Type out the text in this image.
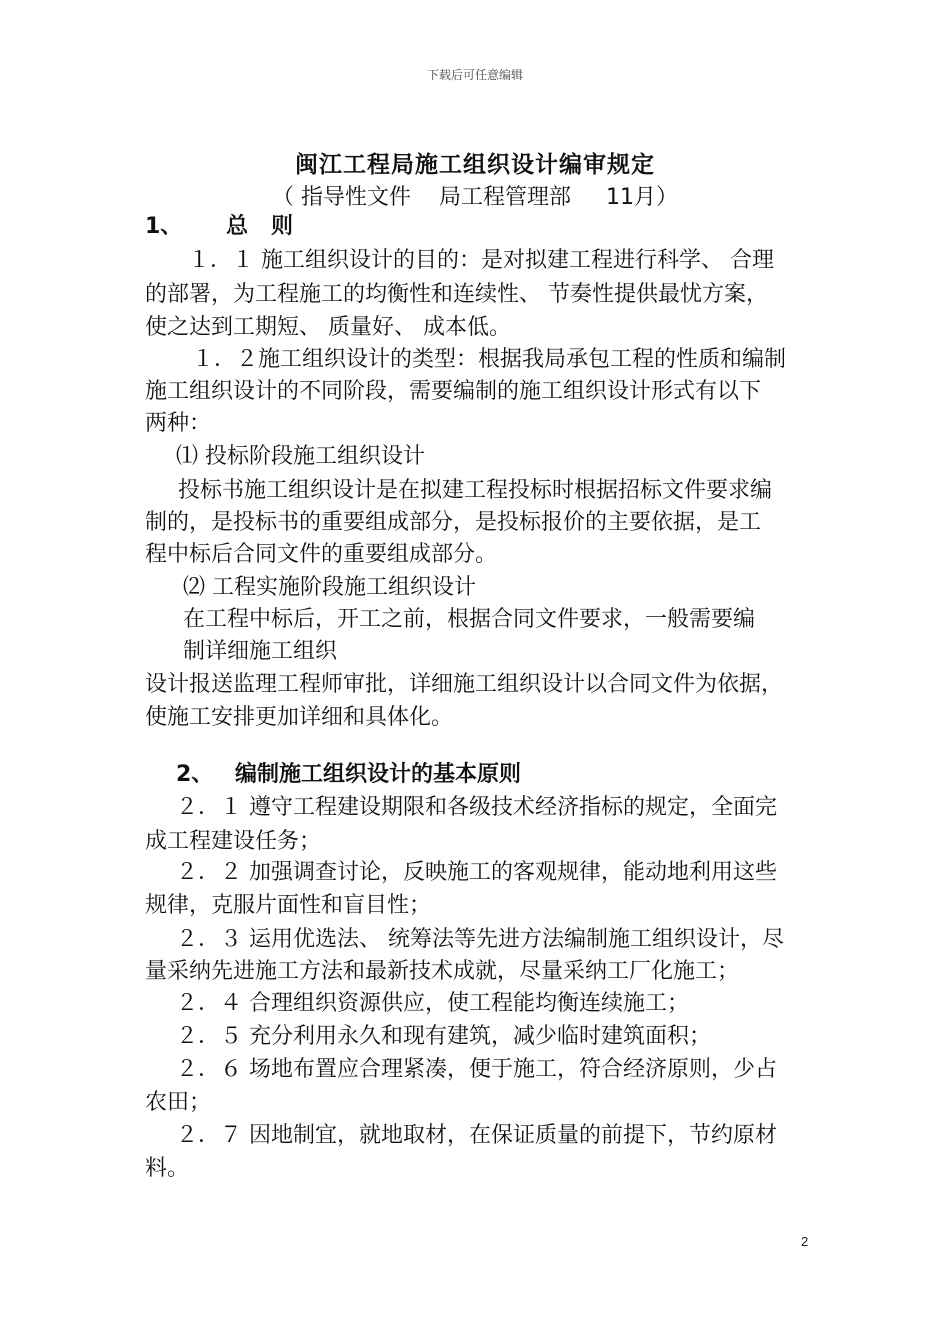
下载后可任意编辑
闽江工程局施工组织设计编审规定
（ 指导性文件    局工程管理部     11月）
1、 总   则
１．１ 施工组织设计的目的：是对拟建工程进行科学、 合理
的部署，为工程施工的均衡性和连续性、 节奏性提供最忧方案，
使之达到工期短、 质量好、 成本低。
１．２施工组织设计的类型：根据我局承包工程的性质和编制
施工组织设计的不同阶段，需要编制的施工组织设计形式有以下
两种：
⑴ 投标阶段施工组织设计
投标书施工组织设计是在拟建工程投标时根据招标文件要求编
制的，是投标书的重要组成部分，是投标报价的主要依据，是工
程中标后合同文件的重要组成部分。
⑵ 工程实施阶段施工组织设计
在工程中标后，开工之前，根据合同文件要求，一般需要编
制详细施工组织
设计报送监理工程师审批，详细施工组织设计以合同文件为依据，
使施工安排更加详细和具体化。
2、 编制施工组织设计的基本原则
２．１ 遵守工程建设期限和各级技术经济指标的规定，全面完
成工程建设任务；
２．２ 加强调查讨论，反映施工的客观规律，能动地利用这些
规律，克服片面性和盲目性；
２．３ 运用优选法、 统筹法等先进方法编制施工组织设计，尽
量采纳先进施工方法和最新技术成就，尽量采纳工厂化施工；
２．４ 合理组织资源供应，使工程能均衡连续施工；
２．５ 充分利用永久和现有建筑，减少临时建筑面积；
２．６ 场地布置应合理紧凑，便于施工，符合经济原则，少占
农田；
２．７ 因地制宜，就地取材，在保证质量的前提下，节约原材
料。
2
